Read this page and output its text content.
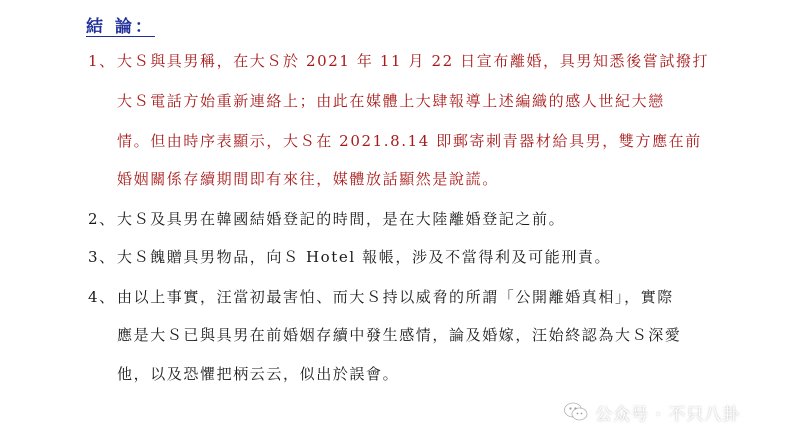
結 論：
1、 大Ｓ與具男稱，在大Ｓ於 2021 年 11 月 22 日宣布離婚，具男知悉後嘗試撥打
大Ｓ電話方始重新連絡上；由此在媒體上大肆報導上述編織的感人世紀大戀
情。但由時序表顯示，大Ｓ在 2021.8.14 即郵寄刺青器材給具男，雙方應在前
婚姻關係存續期間即有來往，媒體放話顯然是說謊。
2、 大Ｓ及具男在韓國結婚登記的時間，是在大陸離婚登記之前。
3、 大Ｓ餽贈具男物品，向Ｓ Hotel 報帳，涉及不當得利及可能刑責。
4、 由以上事實，汪當初最害怕、而大Ｓ持以威脅的所謂「公開離婚真相」，實際
應是大Ｓ已與具男在前婚姻存續中發生感情，論及婚嫁，汪始終認為大Ｓ深愛
他，以及恐懼把柄云云，似出於誤會。
公众号 · 不只八卦
